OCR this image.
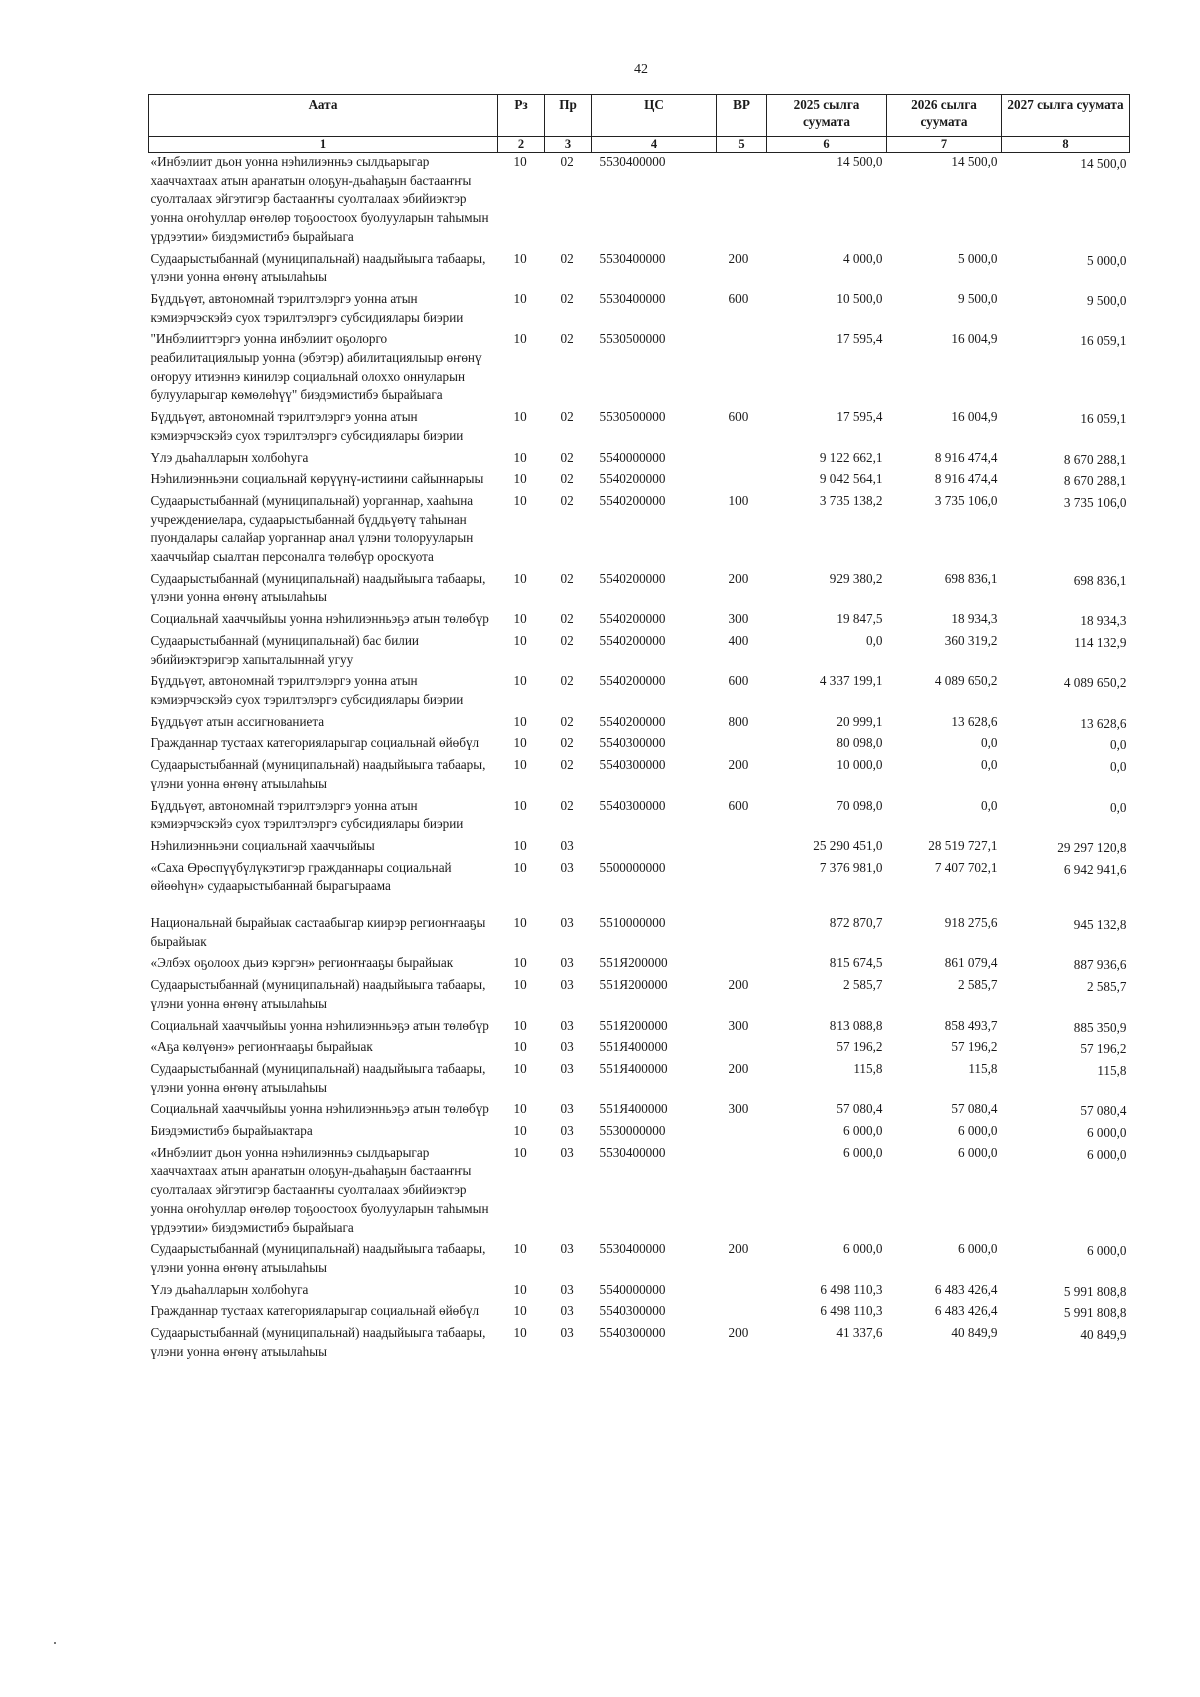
42
Аата	Рз	Пр	ЦС	ВР	2025 сылга суумата	2026 сылга суумата	2027 сылга суумата
1	2	3	4	5	6	7	8
«Инбэлиит дьон уонна нэһилиэнньэ сылдьарыгар хааччахтаах атын араҥатын олоҕун-дьаһаҕын бастааҥҥы суолталаах эйгэтигэр бастааҥҥы суолталаах эбийиэктэр уонна оҥоһуллар өҥөлөр тоҕоостоох буолууларын таһымын үрдээтии» биэдэмистибэ бырайыага	10	02	5530400000		14 500,0	14 500,0	14 500,0
Судаарыстыбаннай (муниципальнай) наадыйыыга табаары, үлэни уонна өҥөнү атыылаһыы	10	02	5530400000	200	4 000,0	5 000,0	5 000,0
Бүддьүөт, автономнай тэрилтэлэргэ уонна атын кэмиэрчэскэйэ суох тэрилтэлэргэ субсидиялары биэрии	10	02	5530400000	600	10 500,0	9 500,0	9 500,0
"Инбэлииттэргэ уонна инбэлиит оҕолорго реабилитациялыыр уонна (эбэтэр) абилитациялыыр өҥөнү оҥоруу итиэннэ кинилэр социальнай олоххо оннуларын булууларыгар көмөлөһүү" биэдэмистибэ бырайыага	10	02	5530500000		17 595,4	16 004,9	16 059,1
Бүддьүөт, автономнай тэрилтэлэргэ уонна атын кэмиэрчэскэйэ суох тэрилтэлэргэ субсидиялары биэрии	10	02	5530500000	600	17 595,4	16 004,9	16 059,1
Үлэ дьаһалларын холбоһуга	10	02	5540000000		9 122 662,1	8 916 474,4	8 670 288,1
Нэһилиэнньэни социальнай көрүүнү-истиини сайыннарыы	10	02	5540200000		9 042 564,1	8 916 474,4	8 670 288,1
Судаарыстыбаннай (муниципальнай) уорганнар, хааһына учреждениелара, судаарыстыбаннай бүддьүөтү таһынан пуондалары салайар уорганнар анал үлэни толорууларын хааччыйар сыалтан персоналга төлөбүр ороскуота	10	02	5540200000	100	3 735 138,2	3 735 106,0	3 735 106,0
Судаарыстыбаннай (муниципальнай) наадыйыыга табаары, үлэни уонна өҥөнү атыылаһыы	10	02	5540200000	200	929 380,2	698 836,1	698 836,1
Социальнай хааччыйыы уонна нэһилиэнньэҕэ атын төлөбүр	10	02	5540200000	300	19 847,5	18 934,3	18 934,3
Судаарыстыбаннай (муниципальнай) бас билии эбийиэктэригэр хапыталыннай угуу	10	02	5540200000	400	0,0	360 319,2	114 132,9
Бүддьүөт, автономнай тэрилтэлэргэ уонна атын кэмиэрчэскэйэ суох тэрилтэлэргэ субсидиялары биэрии	10	02	5540200000	600	4 337 199,1	4 089 650,2	4 089 650,2
Бүддьүөт атын ассигнованиета	10	02	5540200000	800	20 999,1	13 628,6	13 628,6
Гражданнар тустаах категорияларыгар социальнай өйөбүл	10	02	5540300000		80 098,0	0,0	0,0
Судаарыстыбаннай (муниципальнай) наадыйыыга табаары, үлэни уонна өҥөнү атыылаһыы	10	02	5540300000	200	10 000,0	0,0	0,0
Бүддьүөт, автономнай тэрилтэлэргэ уонна атын кэмиэрчэскэйэ суох тэрилтэлэргэ субсидиялары биэрии	10	02	5540300000	600	70 098,0	0,0	0,0
Нэһилиэнньэни социальнай хааччыйыы	10	03			25 290 451,0	28 519 727,1	29 297 120,8
«Саха Өрөспүүбүлүкэтигэр гражданнары социальнай өйөөһүн» судаарыстыбаннай бырагыраама	10	03	5500000000		7 376 981,0	7 407 702,1	6 942 941,6
Национальнай бырайыак састаабыгар киирэр региоҥҥааҕы бырайыак	10	03	5510000000		872 870,7	918 275,6	945 132,8
«Элбэх оҕолоох дьиэ кэргэн» региоҥҥааҕы бырайыак	10	03	551Я200000		815 674,5	861 079,4	887 936,6
Судаарыстыбаннай (муниципальнай) наадыйыыга табаары, үлэни уонна өҥөнү атыылаһыы	10	03	551Я200000	200	2 585,7	2 585,7	2 585,7
Социальнай хааччыйыы уонна нэһилиэнньэҕэ атын төлөбүр	10	03	551Я200000	300	813 088,8	858 493,7	885 350,9
«Аҕа көлүөнэ» региоҥҥааҕы бырайыак	10	03	551Я400000		57 196,2	57 196,2	57 196,2
Судаарыстыбаннай (муниципальнай) наадыйыыга табаары, үлэни уонна өҥөнү атыылаһыы	10	03	551Я400000	200	115,8	115,8	115,8
Социальнай хааччыйыы уонна нэһилиэнньэҕэ атын төлөбүр	10	03	551Я400000	300	57 080,4	57 080,4	57 080,4
Биэдэмистибэ бырайыактара	10	03	5530000000		6 000,0	6 000,0	6 000,0
«Инбэлиит дьон уонна нэһилиэнньэ сылдьарыгар хааччахтаах атын араҥатын олоҕун-дьаһаҕын бастааҥҥы суолталаах эйгэтигэр бастааҥҥы суолталаах эбийиэктэр уонна оҥоһуллар өҥөлөр тоҕоостоох буолууларын таһымын үрдээтии» биэдэмистибэ бырайыага	10	03	5530400000		6 000,0	6 000,0	6 000,0
Судаарыстыбаннай (муниципальнай) наадыйыыга табаары, үлэни уонна өҥөнү атыылаһыы	10	03	5530400000	200	6 000,0	6 000,0	6 000,0
Үлэ дьаһалларын холбоһуга	10	03	5540000000		6 498 110,3	6 483 426,4	5 991 808,8
Гражданнар тустаах категорияларыгар социальнай өйөбүл	10	03	5540300000		6 498 110,3	6 483 426,4	5 991 808,8
Судаарыстыбаннай (муниципальнай) наадыйыыга табаары, үлэни уонна өҥөнү атыылаһыы	10	03	5540300000	200	41 337,6	40 849,9	40 849,9
